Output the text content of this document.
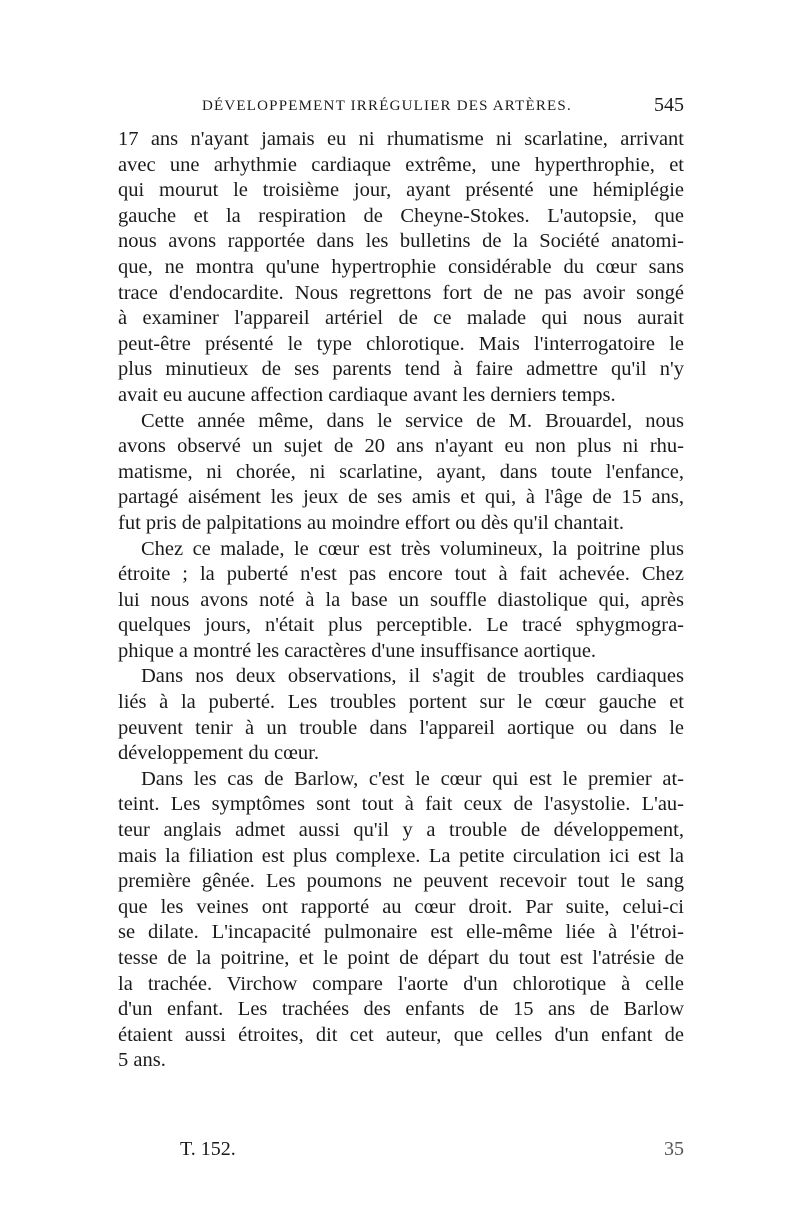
DÉVELOPPEMENT IRRÉGULIER DES ARTÈRES.	545
17 ans n'ayant jamais eu ni rhumatisme ni scarlatine, arrivant
avec une arhythmie cardiaque extrême, une hyperthrophie, et
qui mourut le troisième jour, ayant présenté une hémiplégie
gauche et la respiration de Cheyne-Stokes. L'autopsie, que
nous avons rapportée dans les bulletins de la Société anatomi-
que, ne montra qu'une hypertrophie considérable du cœur sans
trace d'endocardite. Nous regrettons fort de ne pas avoir songé
à examiner l'appareil artériel de ce malade qui nous aurait
peut-être présenté le type chlorotique. Mais l'interrogatoire le
plus minutieux de ses parents tend à faire admettre qu'il n'y
avait eu aucune affection cardiaque avant les derniers temps.
Cette année même, dans le service de M. Brouardel, nous
avons observé un sujet de 20 ans n'ayant eu non plus ni rhu-
matisme, ni chorée, ni scarlatine, ayant, dans toute l'enfance,
partagé aisément les jeux de ses amis et qui, à l'âge de 15 ans,
fut pris de palpitations au moindre effort ou dès qu'il chantait.
Chez ce malade, le cœur est très volumineux, la poitrine plus
étroite ; la puberté n'est pas encore tout à fait achevée. Chez
lui nous avons noté à la base un souffle diastolique qui, après
quelques jours, n'était plus perceptible. Le tracé sphygmogra-
phique a montré les caractères d'une insuffisance aortique.
Dans nos deux observations, il s'agit de troubles cardiaques
liés à la puberté. Les troubles portent sur le cœur gauche et
peuvent tenir à un trouble dans l'appareil aortique ou dans le
développement du cœur.
Dans les cas de Barlow, c'est le cœur qui est le premier at-
teint. Les symptômes sont tout à fait ceux de l'asystolie. L'au-
teur anglais admet aussi qu'il y a trouble de développement,
mais la filiation est plus complexe. La petite circulation ici est la
première gênée. Les poumons ne peuvent recevoir tout le sang
que les veines ont rapporté au cœur droit. Par suite, celui-ci
se dilate. L'incapacité pulmonaire est elle-même liée à l'étroi-
tesse de la poitrine, et le point de départ du tout est l'atrésie de
la trachée. Virchow compare l'aorte d'un chlorotique à celle
d'un enfant. Les trachées des enfants de 15 ans de Barlow
étaient aussi étroites, dit cet auteur, que celles d'un enfant de
5 ans.
T. 152.	35
